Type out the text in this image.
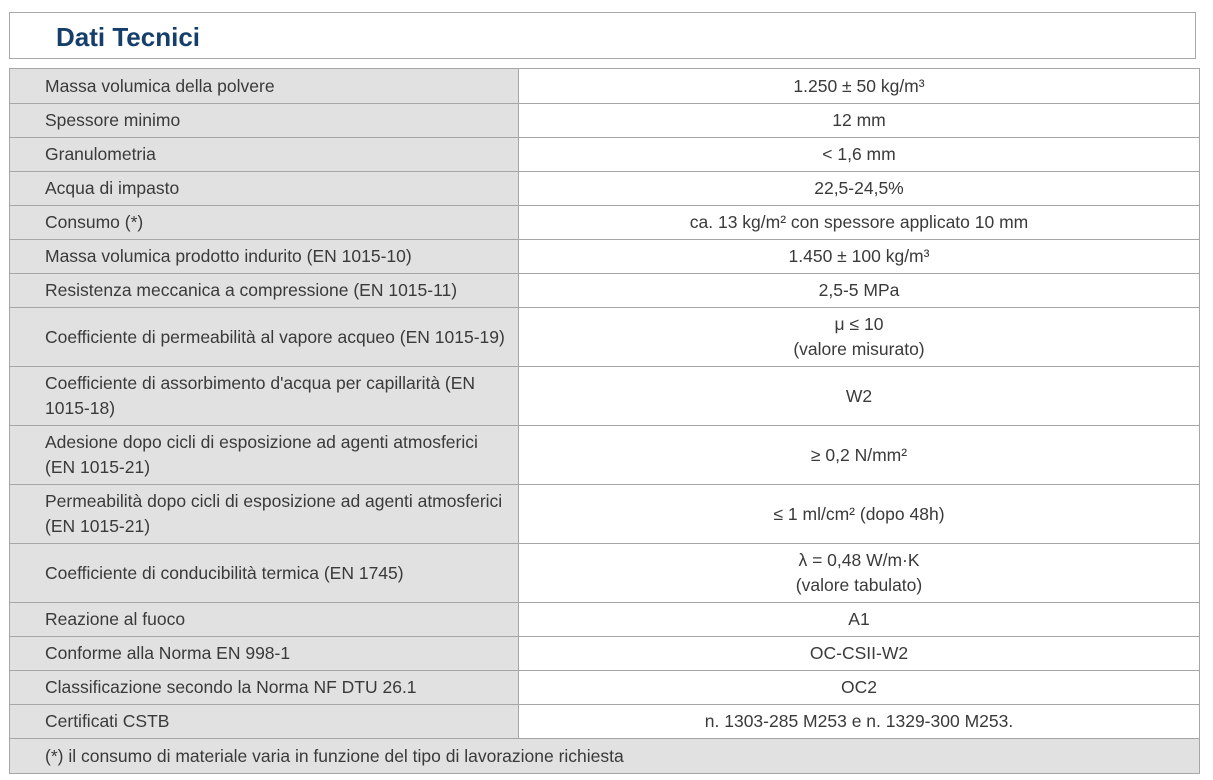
Dati Tecnici
Massa volumica della polvere	1.250 ± 50 kg/m³

Spessore minimo	12 mm

Granulometria	< 1,6 mm

Acqua di impasto	22,5-24,5%

Consumo (*)	ca. 13 kg/m² con spessore applicato 10 mm

Massa volumica prodotto indurito (EN 1015-10)	1.450 ± 100 kg/m³

Resistenza meccanica a compressione (EN 1015-11)	2,5-5 MPa

Coefficiente di permeabilità al vapore acqueo (EN 1015-19)	μ ≤ 10
(valore misurato)

Coefficiente di assorbimento d'acqua per capillarità (EN 1015-18)	W2

Adesione dopo cicli di esposizione ad agenti atmosferici (EN 1015-21)	≥ 0,2 N/mm²

Permeabilità dopo cicli di esposizione ad agenti atmosferici (EN 1015-21)	≤ 1 ml/cm² (dopo 48h)

Coefficiente di conducibilità termica (EN 1745)	λ = 0,48 W/m·K
(valore tabulato)

Reazione al fuoco	A1

Conforme alla Norma EN 998-1	OC-CSII-W2

Classificazione secondo la Norma NF DTU 26.1	OC2

Certificati CSTB	n. 1303-285 M253 e n. 1329-300 M253.

(*) il consumo di materiale varia in funzione del tipo di lavorazione richiesta	
